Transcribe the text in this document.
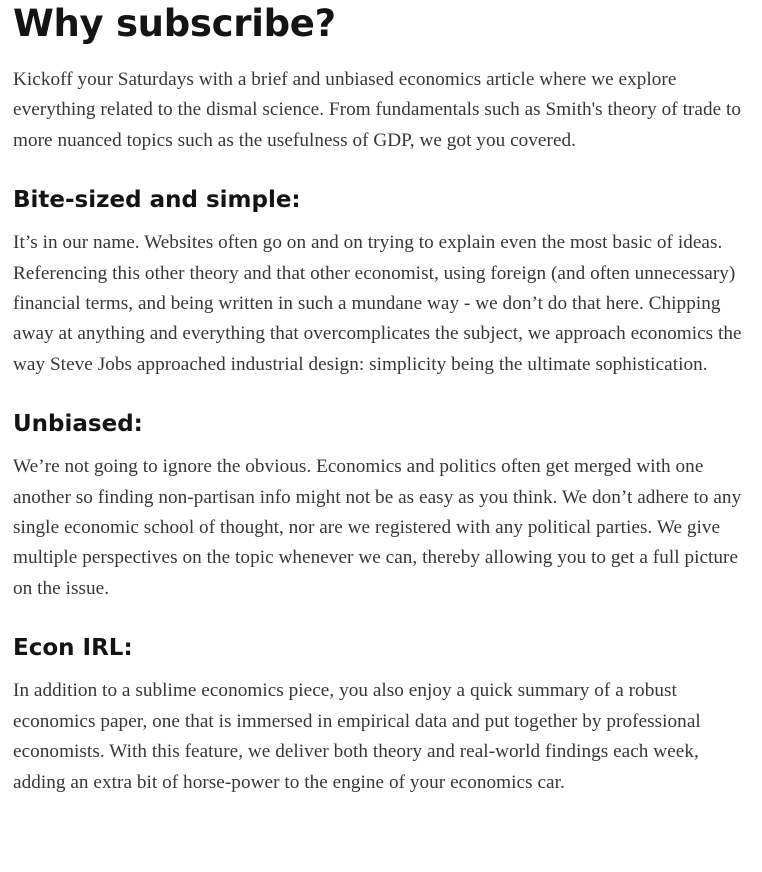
Why subscribe?

Kickoff your Saturdays with a brief and unbiased economics article where we explore everything related to the dismal science. From fundamentals such as Smith's theory of trade to more nuanced topics such as the usefulness of GDP, we got you covered.

Bite-sized and simple:

It’s in our name. Websites often go on and on trying to explain even the most basic of ideas. Referencing this other theory and that other economist, using foreign (and often unnecessary) financial terms, and being written in such a mundane way - we don’t do that here. Chipping away at anything and everything that overcomplicates the subject, we approach economics the way Steve Jobs approached industrial design: simplicity being the ultimate sophistication.

Unbiased:

We’re not going to ignore the obvious. Economics and politics often get merged with one another so finding non-partisan info might not be as easy as you think. We don’t adhere to any single economic school of thought, nor are we registered with any political parties. We give multiple perspectives on the topic whenever we can, thereby allowing you to get a full picture on the issue.

Econ IRL:

In addition to a sublime economics piece, you also enjoy a quick summary of a robust economics paper, one that is immersed in empirical data and put together by professional economists. With this feature, we deliver both theory and real-world findings each week, adding an extra bit of horse-power to the engine of your economics car.
